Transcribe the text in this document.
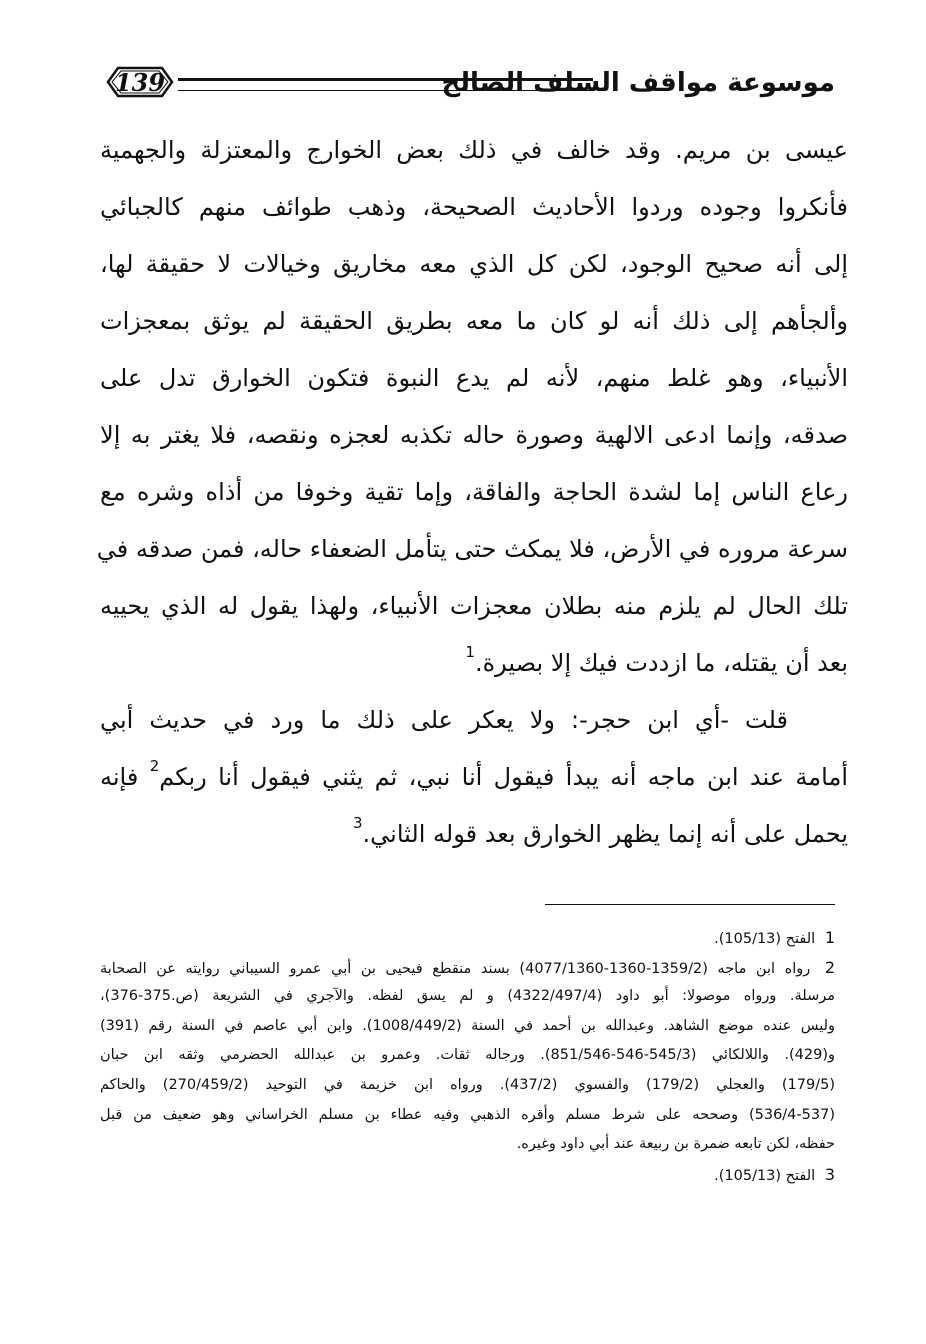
139	موسوعة مواقف السلف الصالح
عيسى بن مريم. وقد خالف في ذلك بعض الخوارج والمعتزلة والجهمية
فأنكروا وجوده وردوا الأحاديث الصحيحة، وذهب طوائف منهم كالجبائي
إلى أنه صحيح الوجود، لكن كل الذي معه مخاريق وخيالات لا حقيقة لها،
وألجأهم إلى ذلك أنه لو كان ما معه بطريق الحقيقة لم يوثق بمعجزات
الأنبياء، وهو غلط منهم، لأنه لم يدع النبوة فتكون الخوارق تدل على
صدقه، وإنما ادعى الالهية وصورة حاله تكذبه لعجزه ونقصه، فلا يغتر به إلا
رعاع الناس إما لشدة الحاجة والفاقة، وإما تقية وخوفا من أذاه وشره مع
سرعة مروره في الأرض، فلا يمكث حتى يتأمل الضعفاء حاله، فمن صدقه في
تلك الحال لم يلزم منه بطلان معجزات الأنبياء، ولهذا يقول له الذي يحييه
بعد أن يقتله، ما ازددت فيك إلا بصيرة.$^1$
قلت -أي ابن حجر-: ولا يعكر على ذلك ما ورد في حديث أبي
أمامة عند ابن ماجه أنه يبدأ فيقول أنا نبي، ثم يثني فيقول أنا ربكم$^2$ فإنه
يحمل على أنه إنما يظهر الخوارق بعد قوله الثاني.$^3$
1 الفتح (105/13).
2 رواه ابن ماجه (1359/2-1360-4077/1360) بسند منقطع فيحيى بن أبي عمرو السيباني روايته عن الصحابة
مرسلة. ورواه موصولا: أبو داود (4322/497/4) و لم يسق لفظه. والآجري في الشريعة (ص.375-376)،
وليس عنده موضع الشاهد. وعبدالله بن أحمد في السنة (1008/449/2). وابن أبي عاصم في السنة رقم (391)
و(429). واللالكائي (545/3-546-851/546). ورجاله ثقات. وعمرو بن عبدالله الحضرمي وثقه ابن حبان
(179/5) والعجلي (179/2) والفسوي (437/2). ورواه ابن خزيمة في التوحيد (270/459/2) والحاكم
(536/4-537) وصححه على شرط مسلم وأقره الذهبي وفيه عطاء بن مسلم الخراساني وهو ضعيف من قبل
حفظه، لكن تابعه ضمرة بن ربيعة عند أبي داود وغيره.
3 الفتح (105/13).
